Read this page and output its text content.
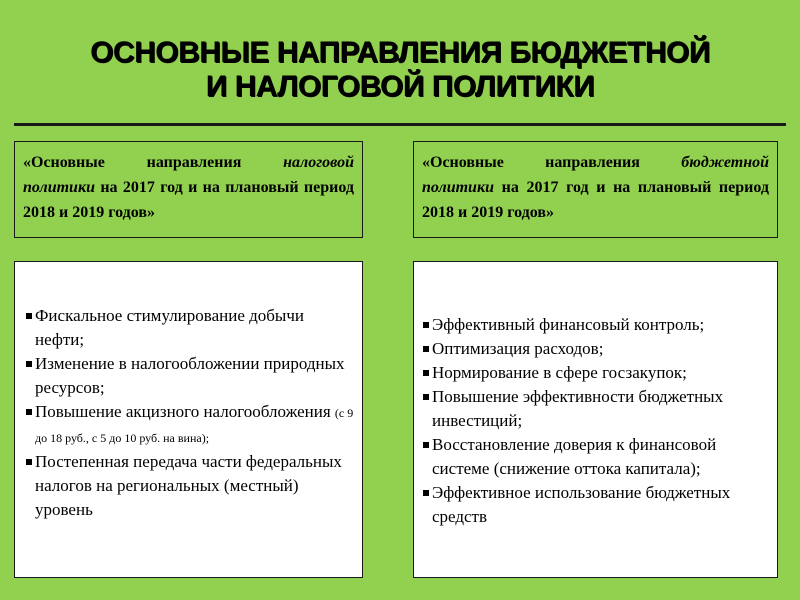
ОСНОВНЫЕ НАПРАВЛЕНИЯ БЮДЖЕТНОЙ
И НАЛОГОВОЙ ПОЛИТИКИ
«Основные направления налоговой политики на 2017 год и на плановый период 2018 и 2019 годов»
«Основные направления бюджетной политики на 2017 год и на плановый период 2018 и 2019 годов»
Фискальное стимулирование добычи нефти;
Изменение в налогообложении природных ресурсов;
Повышение акцизного налогообложения (с 9 до 18 руб., с 5 до 10 руб. на вина);
Постепенная передача части федеральных налогов на региональных (местный) уровень
Эффективный финансовый контроль;
Оптимизация расходов;
Нормирование в сфере госзакупок;
Повышение эффективности бюджетных инвестиций;
Восстановление доверия к финансовой системе (снижение оттока капитала);
Эффективное использование бюджетных средств
